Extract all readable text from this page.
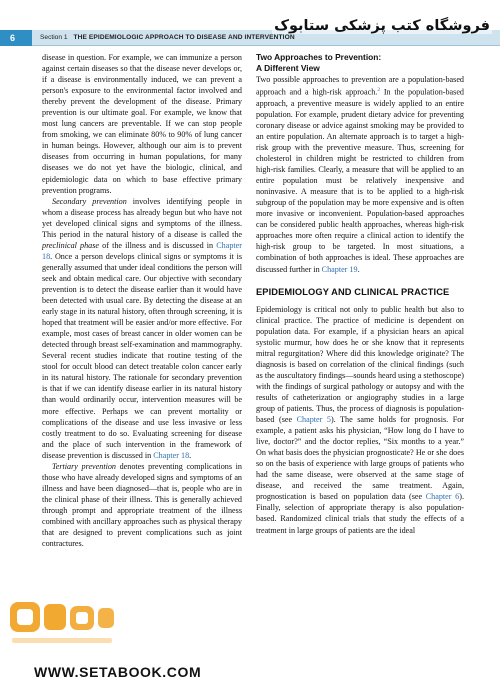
6	Section 1 THE EPIDEMIOLOGIC APPROACH TO DISEASE AND INTERVENTION
فروشگاه کتب پزشکی ستابوک

disease in question. For example, we can immunize a person against certain diseases so that the disease never develops or, if a disease is environmentally induced, we can prevent a person's exposure to the environmental factor involved and thereby prevent the development of the disease. Primary prevention is our ultimate goal. For example, we know that most lung cancers are preventable. If we can stop people from smoking, we can eliminate 80% to 90% of lung cancer in human beings. However, although our aim is to prevent diseases from occurring in human populations, for many diseases we do not yet have the biologic, clinical, and epidemiologic data on which to base effective primary prevention programs.

Secondary prevention involves identifying people in whom a disease process has already begun but who have not yet developed clinical signs and symptoms of the illness. This period in the natural history of a disease is called the preclinical phase of the illness and is discussed in Chapter 18. Once a person develops clinical signs or symptoms it is generally assumed that under ideal conditions the person will seek and obtain medical care. Our objective with secondary prevention is to detect the disease earlier than it would have been detected with usual care. By detecting the disease at an early stage in its natural history, often through screening, it is hoped that treatment will be easier and/or more effective. For example, most cases of breast cancer in older women can be detected through breast self-examination and mammography. Several recent studies indicate that routine testing of the stool for occult blood can detect treatable colon cancer early in its natural history. The rationale for secondary prevention is that if we can identify disease earlier in its natural history than would ordinarily occur, intervention measures will be more effective. Perhaps we can prevent mortality or complications of the disease and use less invasive or less costly treatment to do so. Evaluating screening for disease and the place of such intervention in the framework of disease prevention is discussed in Chapter 18.

Tertiary prevention denotes preventing complications in those who have already developed signs and symptoms of an illness and have been diagnosed—that is, people who are in the clinical phase of their illness. This is generally achieved through prompt and appropriate treatment of the illness combined with ancillary approaches such as physical therapy that are designed to prevent complications such as joint contractures.

Two Approaches to Prevention:
A Different View

Two possible approaches to prevention are a population-based approach and a high-risk approach.$^2$ In the population-based approach, a preventive measure is widely applied to an entire population. For example, prudent dietary advice for preventing coronary disease or advice against smoking may be provided to an entire population. An alternate approach is to target a high-risk group with the preventive measure. Thus, screening for cholesterol in children might be restricted to children from high-risk families. Clearly, a measure that will be applied to an entire population must be relatively inexpensive and noninvasive. A measure that is to be applied to a high-risk subgroup of the population may be more expensive and is often more invasive or inconvenient. Population-based approaches can be considered public health approaches, whereas high-risk approaches more often require a clinical action to identify the high-risk group to be targeted. In most situations, a combination of both approaches is ideal. These approaches are discussed further in Chapter 19.

EPIDEMIOLOGY AND CLINICAL PRACTICE

Epidemiology is critical not only to public health but also to clinical practice. The practice of medicine is dependent on population data. For example, if a physician hears an apical systolic murmur, how does he or she know that it represents mitral regurgitation? Where did this knowledge originate? The diagnosis is based on correlation of the clinical findings (such as the auscultatory findings—sounds heard using a stethoscope) with the findings of surgical pathology or autopsy and with the results of catheterization or angiography studies in a large group of patients. Thus, the process of diagnosis is population-based (see Chapter 5). The same holds for prognosis. For example, a patient asks his physician, “How long do I have to live, doctor?” and the doctor replies, “Six months to a year.” On what basis does the physician prognosticate? He or she does so on the basis of experience with large groups of patients who had the same disease, were observed at the same stage of disease, and received the same treatment. Again, prognostication is based on population data (see Chapter 6). Finally, selection of appropriate therapy is also population-based. Randomized clinical trials that study the effects of a treatment in large groups of patients are the ideal

WWW.SETABOOK.COM
